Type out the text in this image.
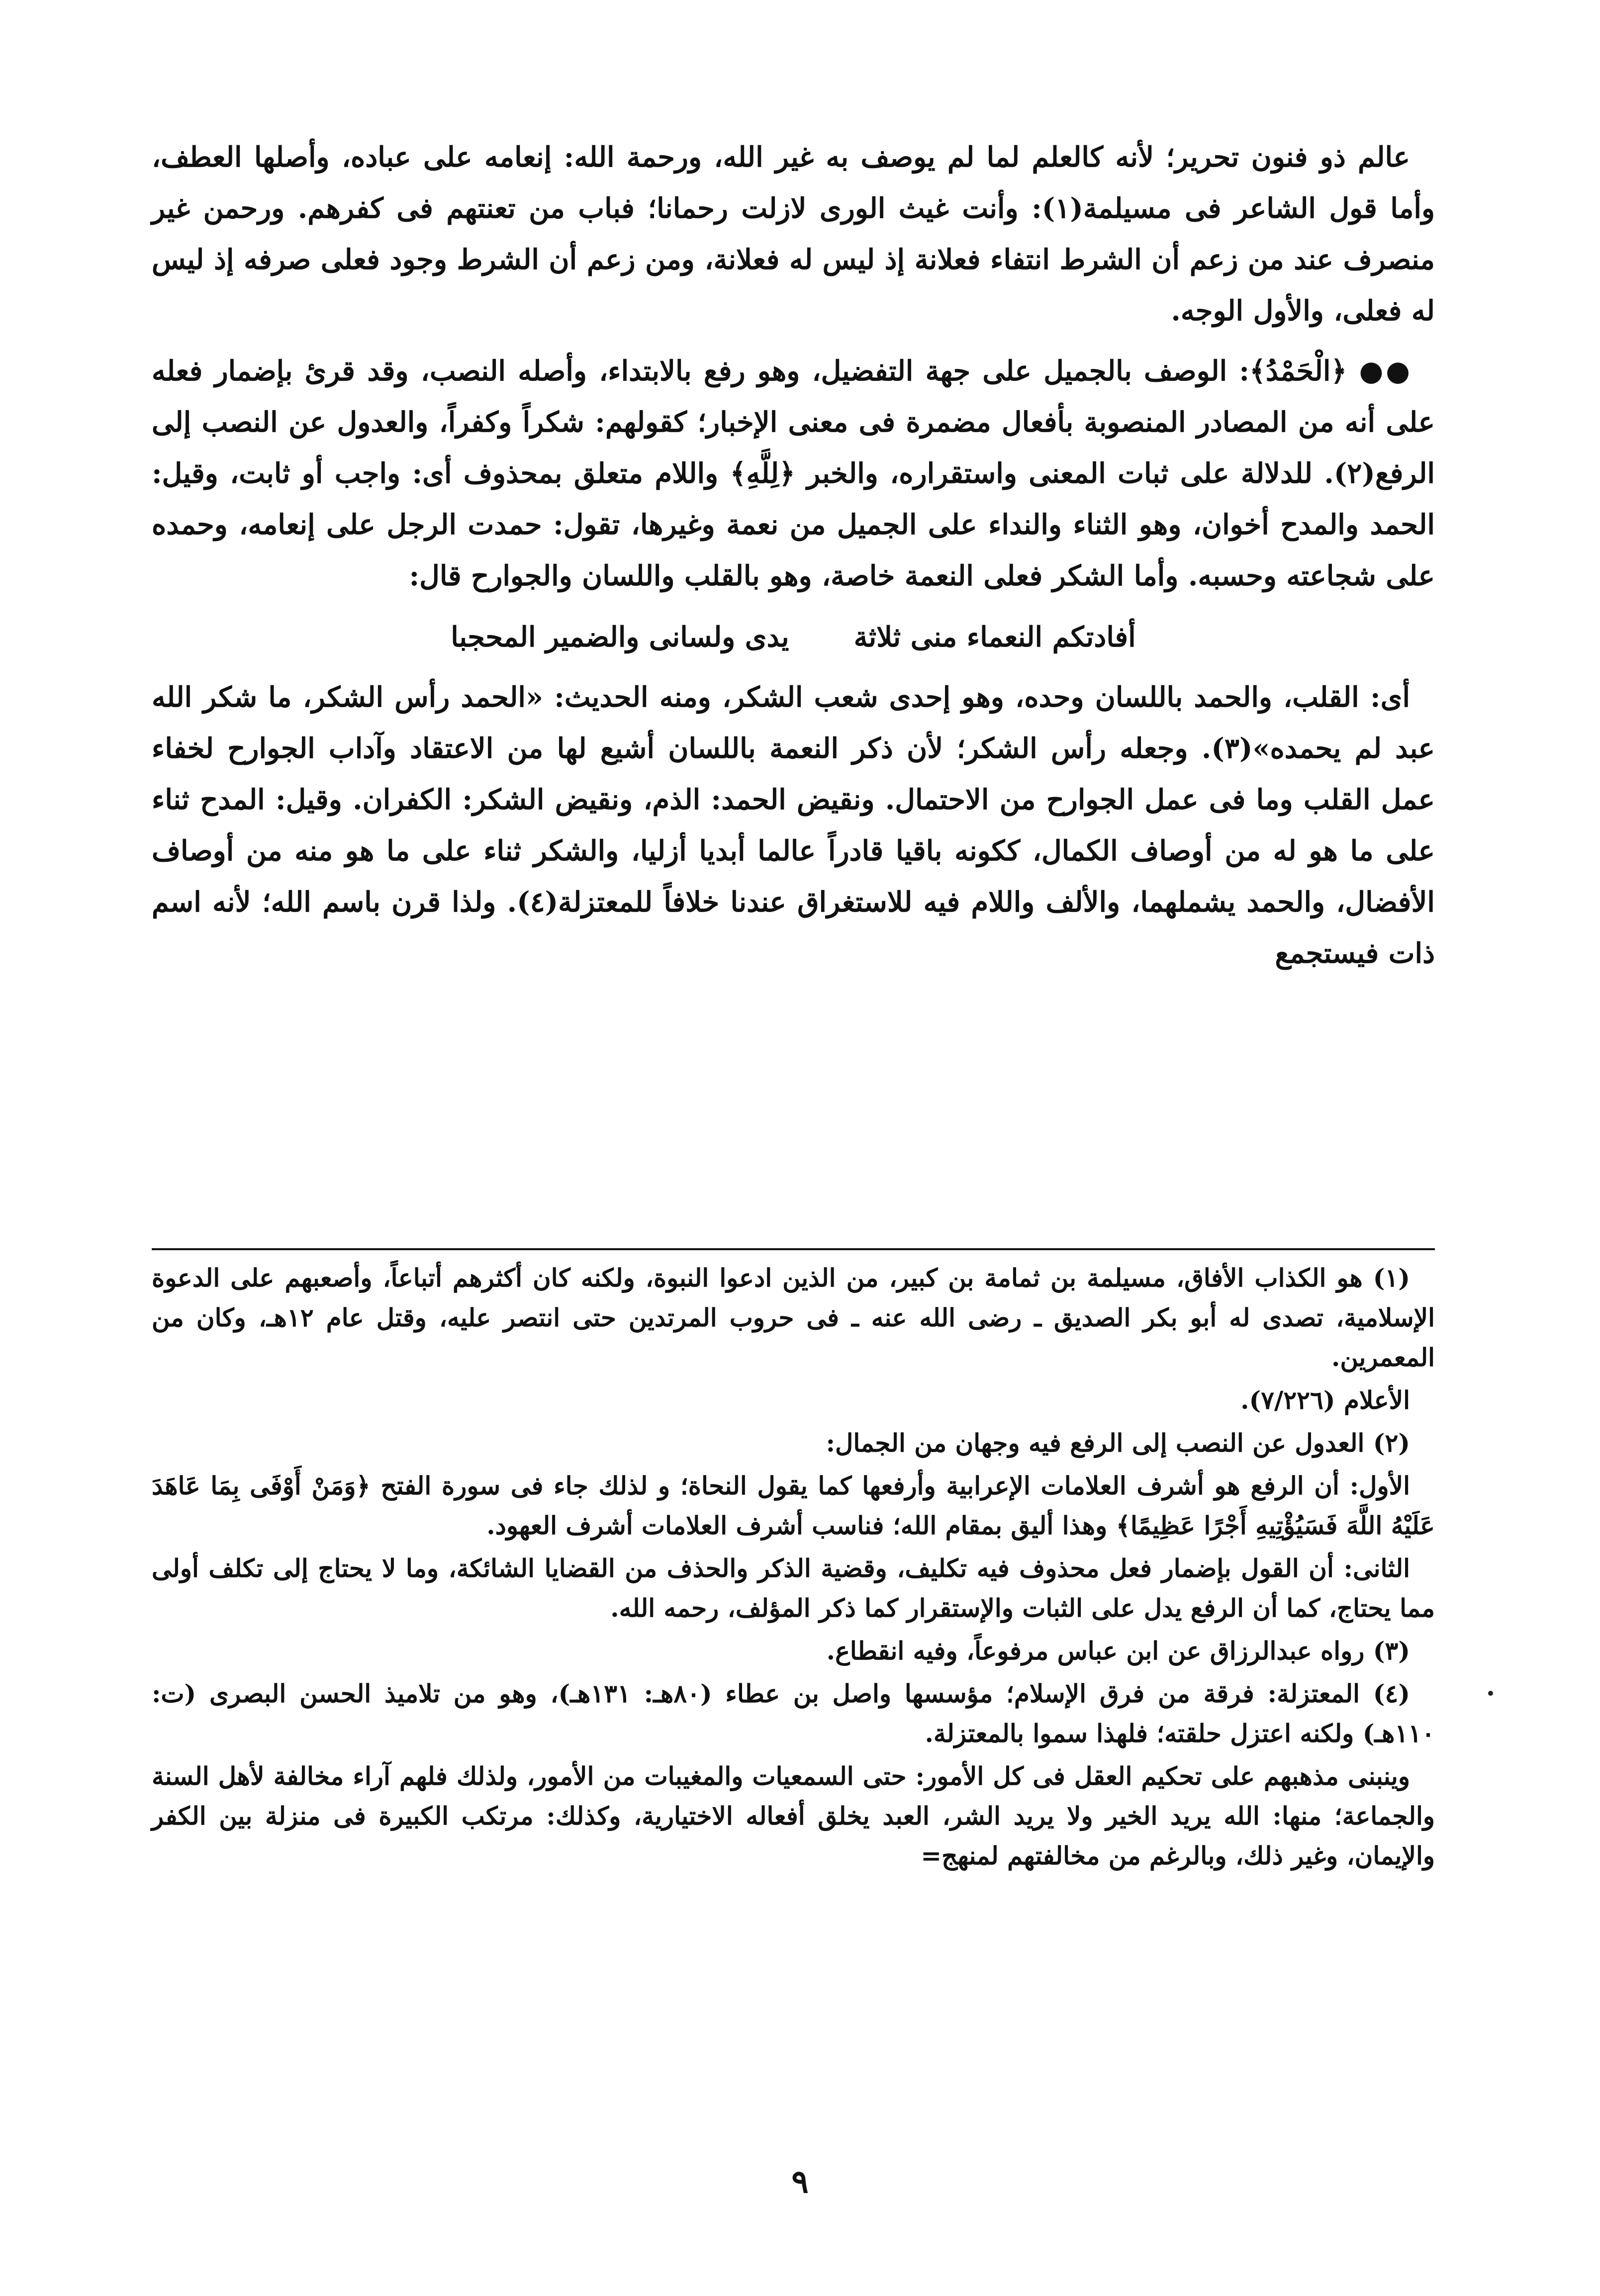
عالم ذو فنون تحرير؛ لأنه كالعلم لما لم يوصف به غير الله، ورحمة الله: إنعامه على عباده، وأصلها العطف، وأما قول الشاعر فى مسيلمة(١): وأنت غيث الورى لازلت رحمانا؛ فباب من تعنتهم فى كفرهم. ورحمن غير منصرف عند من زعم أن الشرط انتفاء فعلانة إذ ليس له فعلانة، ومن زعم أن الشرط وجود فعلى صرفه إذ ليس له فعلى، والأول الوجه.

●● ﴿الْحَمْدُ﴾: الوصف بالجميل على جهة التفضيل، وهو رفع بالابتداء، وأصله النصب، وقد قرئ بإضمار فعله على أنه من المصادر المنصوبة بأفعال مضمرة فى معنى الإخبار؛ كقولهم: شكراً وكفراً، والعدول عن النصب إلى الرفع(٢). للدلالة على ثبات المعنى واستقراره، والخبر ﴿لِلَّهِ﴾ واللام متعلق بمحذوف أى: واجب أو ثابت، وقيل: الحمد والمدح أخوان، وهو الثناء والنداء على الجميل من نعمة وغيرها، تقول: حمدت الرجل على إنعامه، وحمده على شجاعته وحسبه. وأما الشكر فعلى النعمة خاصة، وهو بالقلب واللسان والجوارح قال:

أفادتكم النعماء منى ثلاثة
يدى ولسانى والضمير المحجبا

أى: القلب، والحمد باللسان وحده، وهو إحدى شعب الشكر، ومنه الحديث: «الحمد رأس الشكر، ما شكر الله عبد لم يحمده»(٣). وجعله رأس الشكر؛ لأن ذكر النعمة باللسان أشيع لها من الاعتقاد وآداب الجوارح لخفاء عمل القلب وما فى عمل الجوارح من الاحتمال. ونقيض الحمد: الذم، ونقيض الشكر: الكفران. وقيل: المدح ثناء على ما هو له من أوصاف الكمال، ككونه باقيا قادراً عالما أبديا أزليا، والشكر ثناء على ما هو منه من أوصاف الأفضال، والحمد يشملهما، والألف واللام فيه للاستغراق عندنا خلافاً للمعتزلة(٤). ولذا قرن باسم الله؛ لأنه اسم ذات فيستجمع

(١) هو الكذاب الأفاق، مسيلمة بن ثمامة بن كبير، من الذين ادعوا النبوة، ولكنه كان أكثرهم أتباعاً، وأصعبهم على الدعوة الإسلامية، تصدى له أبو بكر الصديق ـ رضى الله عنه ـ فى حروب المرتدين حتى انتصر عليه، وقتل عام ١٢هـ، وكان من المعمرين.

الأعلام (٧/٢٢٦).

(٢) العدول عن النصب إلى الرفع فيه وجهان من الجمال:

الأول: أن الرفع هو أشرف العلامات الإعرابية وأرفعها كما يقول النحاة؛ و لذلك جاء فى سورة الفتح ﴿وَمَنْ أَوْفَى بِمَا عَاهَدَ عَلَيْهُ اللَّهَ فَسَيُؤْتِيهِ أَجْرًا عَظِيمًا﴾ وهذا أليق بمقام الله؛ فناسب أشرف العلامات أشرف العهود.

الثانى: أن القول بإضمار فعل محذوف فيه تكليف، وقضية الذكر والحذف من القضايا الشائكة، وما لا يحتاج إلى تكلف أولى مما يحتاج، كما أن الرفع يدل على الثبات والإستقرار كما ذكر المؤلف، رحمه الله.

(٣) رواه عبدالرزاق عن ابن عباس مرفوعاً، وفيه انقطاع.

(٤) المعتزلة: فرقة من فرق الإسلام؛ مؤسسها واصل بن عطاء (٨٠هـ: ١٣١هـ)، وهو من تلاميذ الحسن البصرى (ت: ١١٠هـ) ولكنه اعتزل حلقته؛ فلهذا سموا بالمعتزلة.

وينبنى مذهبهم على تحكيم العقل فى كل الأمور: حتى السمعيات والمغيبات من الأمور، ولذلك فلهم آراء مخالفة لأهل السنة والجماعة؛ منها: الله يريد الخير ولا يريد الشر، العبد يخلق أفعاله الاختيارية، وكذلك: مرتكب الكبيرة فى منزلة بين الكفر والإيمان، وغير ذلك، وبالرغم من مخالفتهم لمنهج=

٩
